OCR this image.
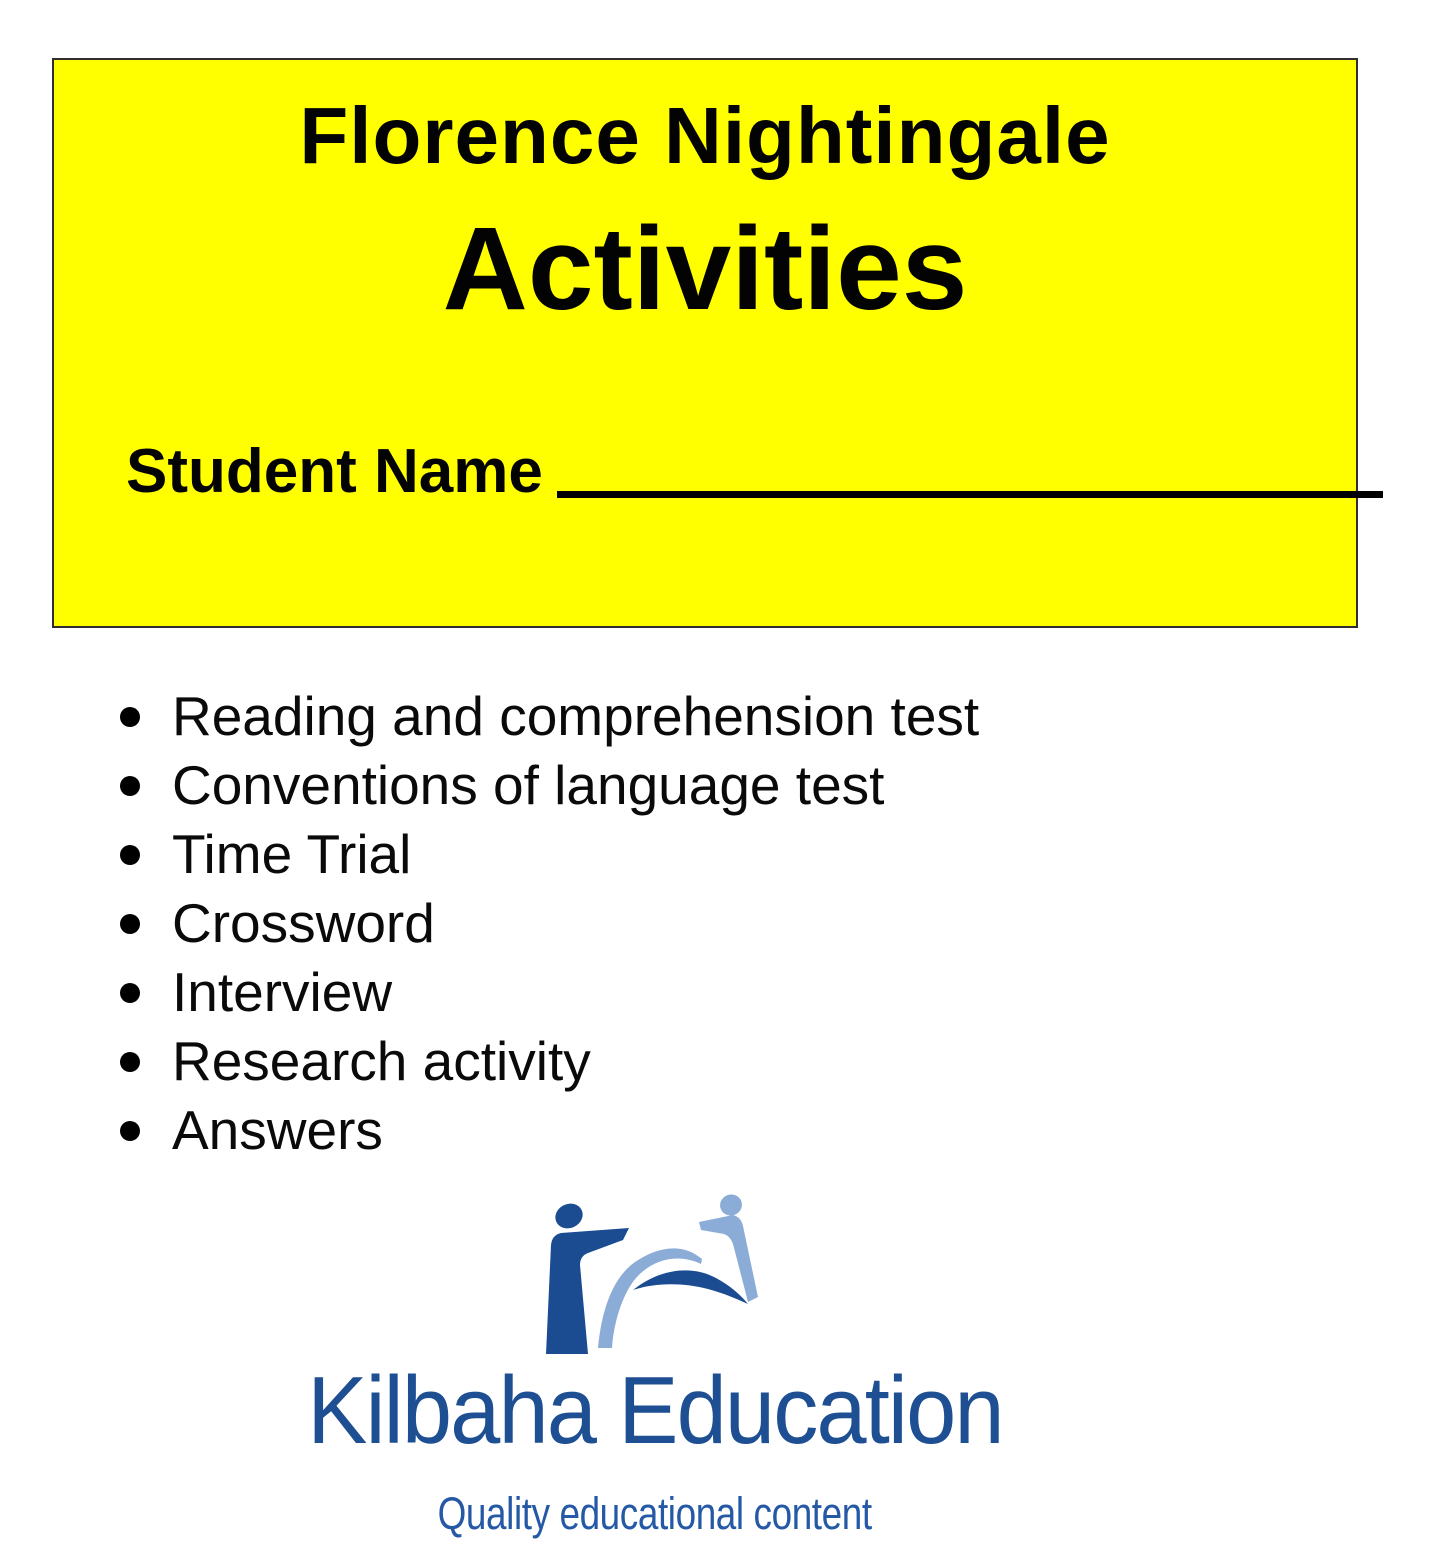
Florence Nightingale
Activities
Student Name
Reading and comprehension test
Conventions of language test
Time Trial
Crossword
Interview
Research activity
Answers
Kilbaha Education
Quality educational content
